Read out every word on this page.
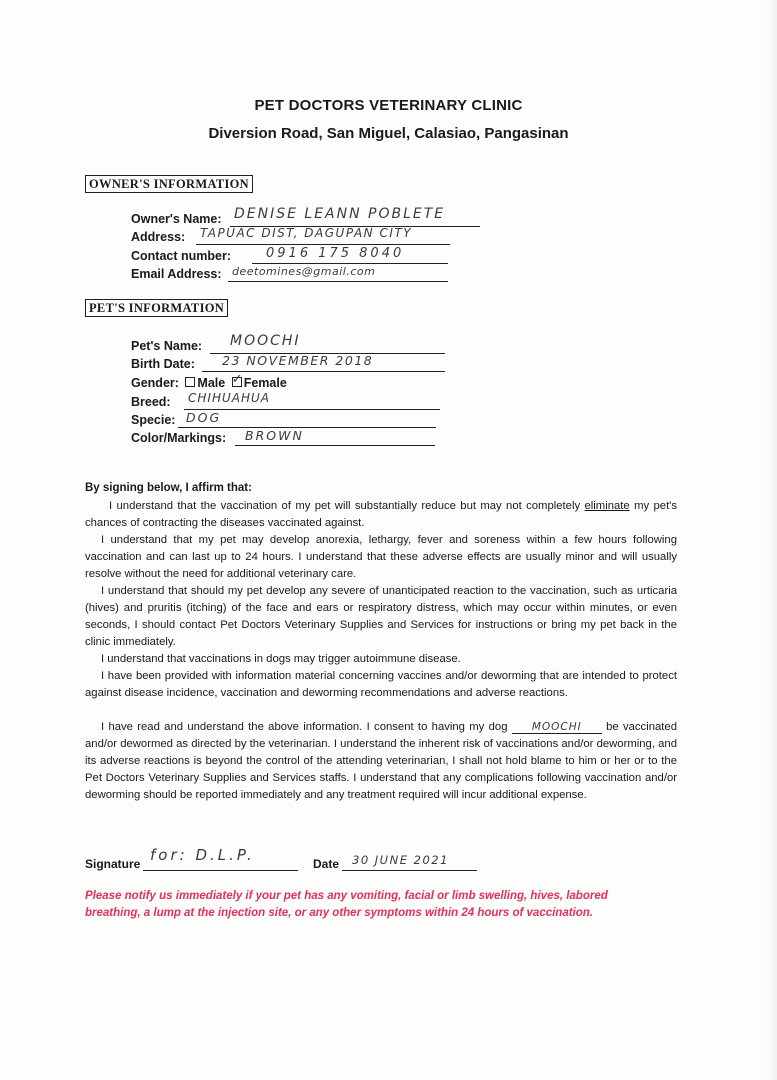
PET DOCTORS VETERINARY CLINIC
Diversion Road, San Miguel, Calasiao, Pangasinan
OWNER'S INFORMATION
Owner's Name: DENISE LEANN POBLETE
Address: TAPUAC DIST, DAGUPAN CITY
Contact number:	0916 175 8040
Email Address: deetomines@gmail.com
PET'S INFORMATION
Pet's Name: MOOCHI
Birth Date: 23 NOVEMBER 2018
Gender: Male ✓ Female
Breed: CHIHUAHUA
Specie: DOG
Color/Markings: BROWN
By signing below, I affirm that:

I understand that the vaccination of my pet will substantially reduce but may not completely eliminate my pet's chances of contracting the diseases vaccinated against.

I understand that my pet may develop anorexia, lethargy, fever and soreness within a few hours following vaccination and can last up to 24 hours. I understand that these adverse effects are usually minor and will usually resolve without the need for additional veterinary care.

I understand that should my pet develop any severe of unanticipated reaction to the vaccination, such as urticaria (hives) and pruritis (itching) of the face and ears or respiratory distress, which may occur within minutes, or even seconds, I should contact Pet Doctors Veterinary Supplies and Services for instructions or bring my pet back in the clinic immediately.

I understand that vaccinations in dogs may trigger autoimmune disease.

I have been provided with information material concerning vaccines and/or deworming that are intended to protect against disease incidence, vaccination and deworming recommendations and adverse reactions.

I have read and understand the above information. I consent to having my dog MOOCHI be vaccinated and/or dewormed as directed by the veterinarian. I understand the inherent risk of vaccinations and/or deworming, and its adverse reactions is beyond the control of the attending veterinarian, I shall not hold blame to him or her or to the Pet Doctors Veterinary Supplies and Services staffs. I understand that any complications following vaccination and/or deworming should be reported immediately and any treatment required will incur additional expense.

Signature for: D.L.P.	Date 30 JUNE 2021
Please notify us immediately if your pet has any vomiting, facial or limb swelling, hives, labored breathing, a lump at the injection site, or any other symptoms within 24 hours of vaccination.
